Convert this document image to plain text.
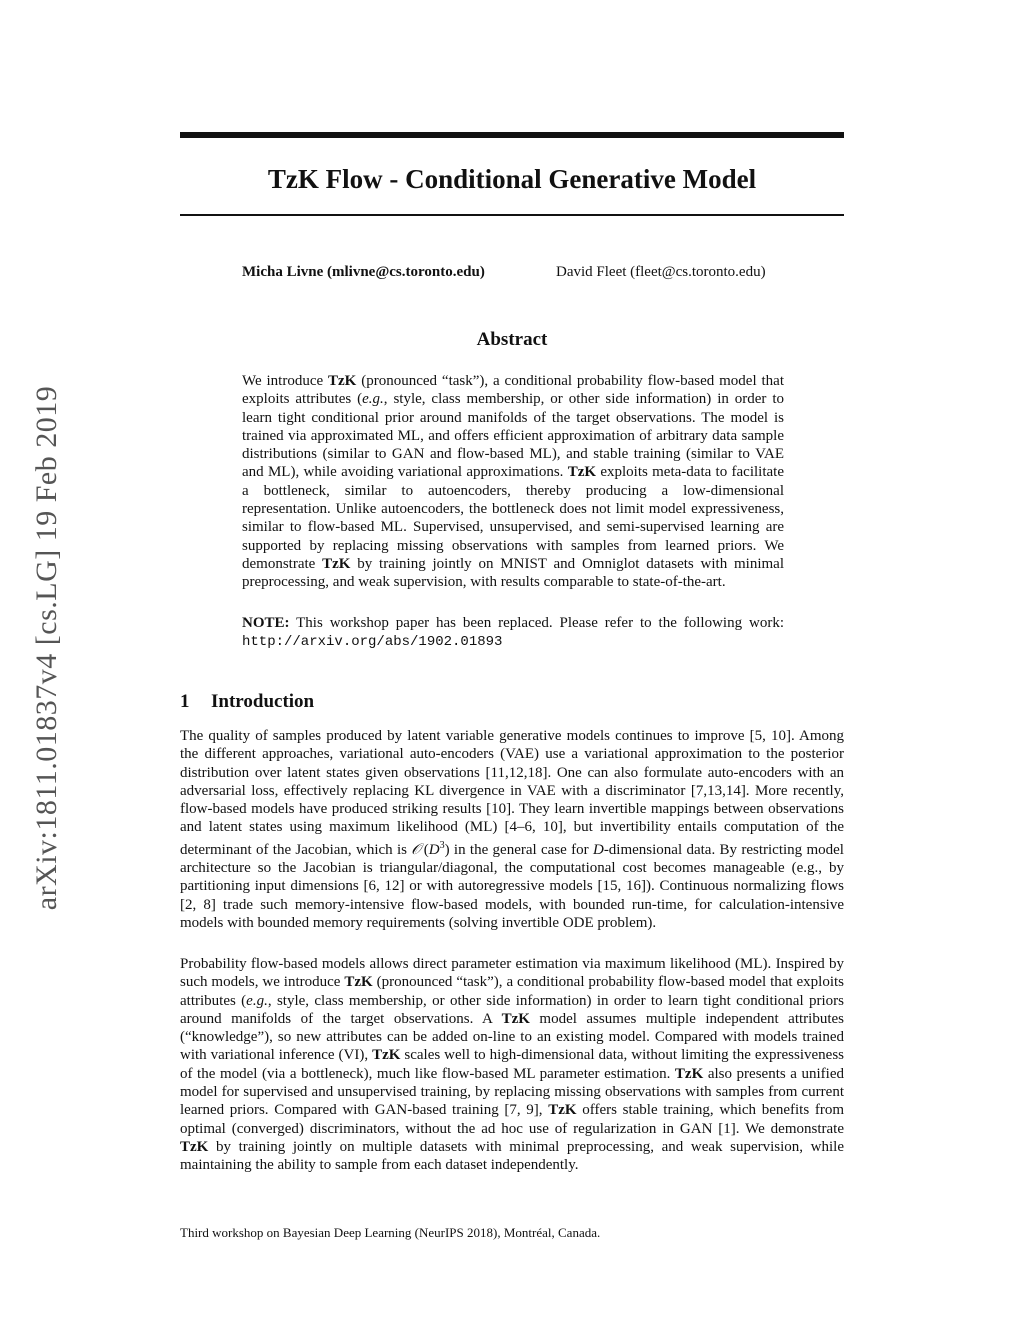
arXiv:1811.01837v4 [cs.LG] 19 Feb 2019
TzK Flow - Conditional Generative Model
Micha Livne (mlivne@cs.toronto.edu)	David Fleet (fleet@cs.toronto.edu)
Abstract

We introduce TzK (pronounced “task”), a conditional probability flow-based model that exploits attributes (e.g., style, class membership, or other side information) in order to learn tight conditional prior around manifolds of the target observations. The model is trained via approximated ML, and offers efficient approximation of arbitrary data sample distributions (similar to GAN and flow-based ML), and stable training (similar to VAE and ML), while avoiding variational approximations. TzK exploits meta-data to facilitate a bottleneck, similar to autoencoders, thereby producing a low-dimensional representation. Unlike autoencoders, the bottleneck does not limit model expressiveness, similar to flow-based ML. Supervised, unsupervised, and semi-supervised learning are supported by replacing missing observations with samples from learned priors. We demonstrate TzK by training jointly on MNIST and Omniglot datasets with minimal preprocessing, and weak supervision, with results comparable to state-of-the-art.

NOTE: This workshop paper has been replaced. Please refer to the following work: http://arxiv.org/abs/1902.01893

1 Introduction

The quality of samples produced by latent variable generative models continues to improve [5, 10]. Among the different approaches, variational auto-encoders (VAE) use a variational approximation to the posterior distribution over latent states given observations [11,12,18]. One can also formulate auto-encoders with an adversarial loss, effectively replacing KL divergence in VAE with a discriminator [7,13,14]. More recently, flow-based models have produced striking results [10]. They learn invertible mappings between observations and latent states using maximum likelihood (ML) [4–6, 10], but invertibility entails computation of the determinant of the Jacobian, which is 𝒪 $(D^3)$ in the general case for D-dimensional data. By restricting model architecture so the Jacobian is triangular/diagonal, the computational cost becomes manageable (e.g., by partitioning input dimensions [6, 12] or with autoregressive models [15, 16]). Continuous normalizing flows [2, 8] trade such memory-intensive flow-based models, with bounded run-time, for calculation-intensive models with bounded memory requirements (solving invertible ODE problem).

Probability flow-based models allows direct parameter estimation via maximum likelihood (ML). Inspired by such models, we introduce TzK (pronounced “task”), a conditional probability flow-based model that exploits attributes (e.g., style, class membership, or other side information) in order to learn tight conditional priors around manifolds of the target observations. A TzK model assumes multiple independent attributes (“knowledge”), so new attributes can be added on-line to an existing model. Compared with models trained with variational inference (VI), TzK scales well to high-dimensional data, without limiting the expressiveness of the model (via a bottleneck), much like flow-based ML parameter estimation. TzK also presents a unified model for supervised and unsupervised training, by replacing missing observations with samples from current learned priors. Compared with GAN-based training [7, 9], TzK offers stable training, which benefits from optimal (converged) discriminators, without the ad hoc use of regularization in GAN [1]. We demonstrate TzK by training jointly on multiple datasets with minimal preprocessing, and weak supervision, while maintaining the ability to sample from each dataset independently.

Third workshop on Bayesian Deep Learning (NeurIPS 2018), Montréal, Canada.
